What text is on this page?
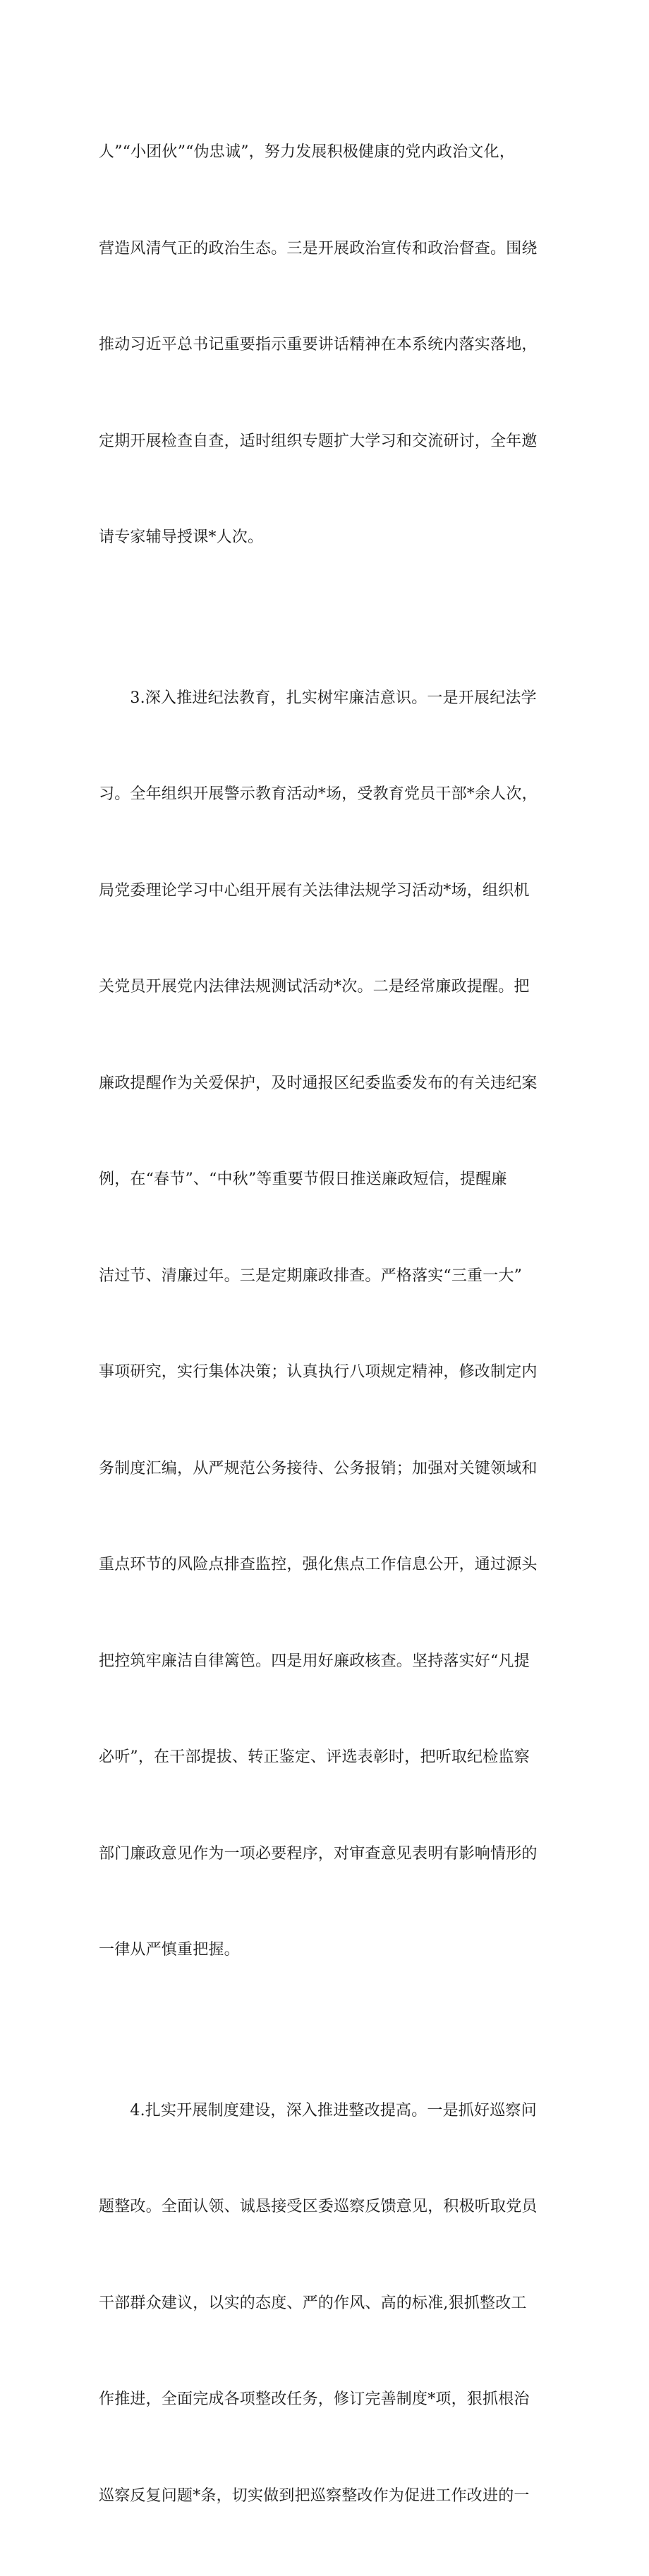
人”“小团伙”“伪忠诚”，努力发展积极健康的党内政治文化，

营造风清气正的政治生态。三是开展政治宣传和政治督查。围绕

推动习近平总书记重要指示重要讲话精神在本系统内落实落地，

定期开展检查自查，适时组织专题扩大学习和交流研讨，全年邀

请专家辅导授课*人次。

　　3.深入推进纪法教育，扎实树牢廉洁意识。一是开展纪法学

习。全年组织开展警示教育活动*场，受教育党员干部*余人次，

局党委理论学习中心组开展有关法律法规学习活动*场，组织机

关党员开展党内法律法规测试活动*次。二是经常廉政提醒。把

廉政提醒作为关爱保护，及时通报区纪委监委发布的有关违纪案

例，在“春节”、“中秋”等重要节假日推送廉政短信，提醒廉

洁过节、清廉过年。三是定期廉政排查。严格落实“三重一大”

事项研究，实行集体决策；认真执行八项规定精神，修改制定内

务制度汇编，从严规范公务接待、公务报销；加强对关键领域和

重点环节的风险点排查监控，强化焦点工作信息公开，通过源头

把控筑牢廉洁自律篱笆。四是用好廉政核查。坚持落实好“凡提

必听”，在干部提拔、转正鉴定、评选表彰时，把听取纪检监察

部门廉政意见作为一项必要程序，对审查意见表明有影响情形的

一律从严慎重把握。

　　4.扎实开展制度建设，深入推进整改提高。一是抓好巡察问

题整改。全面认领、诚恳接受区委巡察反馈意见，积极听取党员

干部群众建议，以实的态度、严的作风、高的标准,狠抓整改工

作推进，全面完成各项整改任务，修订完善制度*项，狠抓根治

巡察反复问题*条，切实做到把巡察整改作为促进工作改进的一
